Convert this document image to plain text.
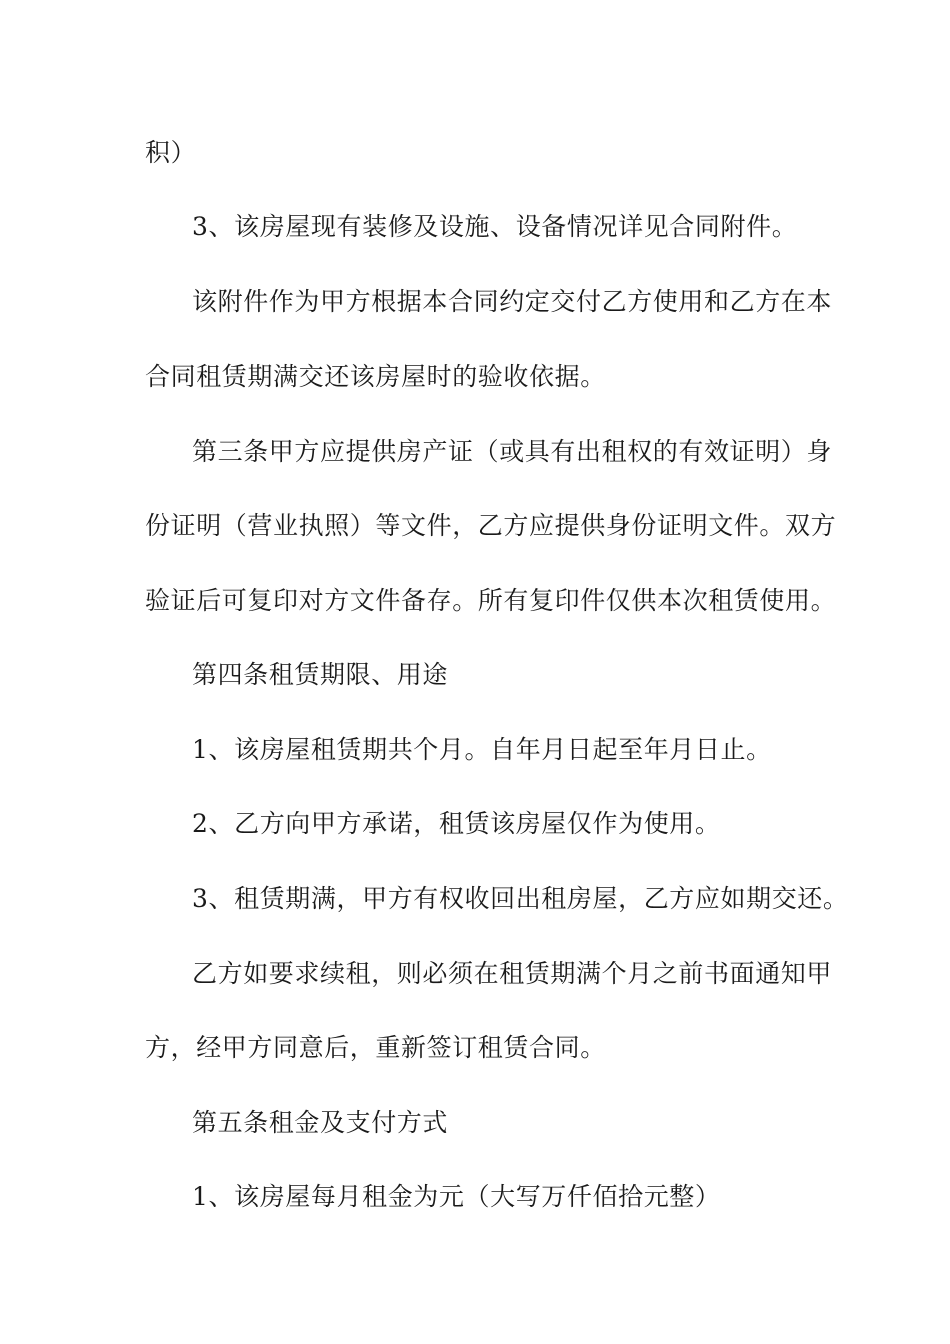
积）
3、该房屋现有装修及设施、设备情况详见合同附件。
该附件作为甲方根据本合同约定交付乙方使用和乙方在本
合同租赁期满交还该房屋时的验收依据。
第三条甲方应提供房产证（或具有出租权的有效证明）身
份证明（营业执照）等文件，乙方应提供身份证明文件。双方
验证后可复印对方文件备存。所有复印件仅供本次租赁使用。
第四条租赁期限、用途
1、该房屋租赁期共个月。自年月日起至年月日止。
2、乙方向甲方承诺，租赁该房屋仅作为使用。
3、租赁期满，甲方有权收回出租房屋，乙方应如期交还。
乙方如要求续租，则必须在租赁期满个月之前书面通知甲
方，经甲方同意后，重新签订租赁合同。
第五条租金及支付方式
1、该房屋每月租金为元（大写万仟佰拾元整）
